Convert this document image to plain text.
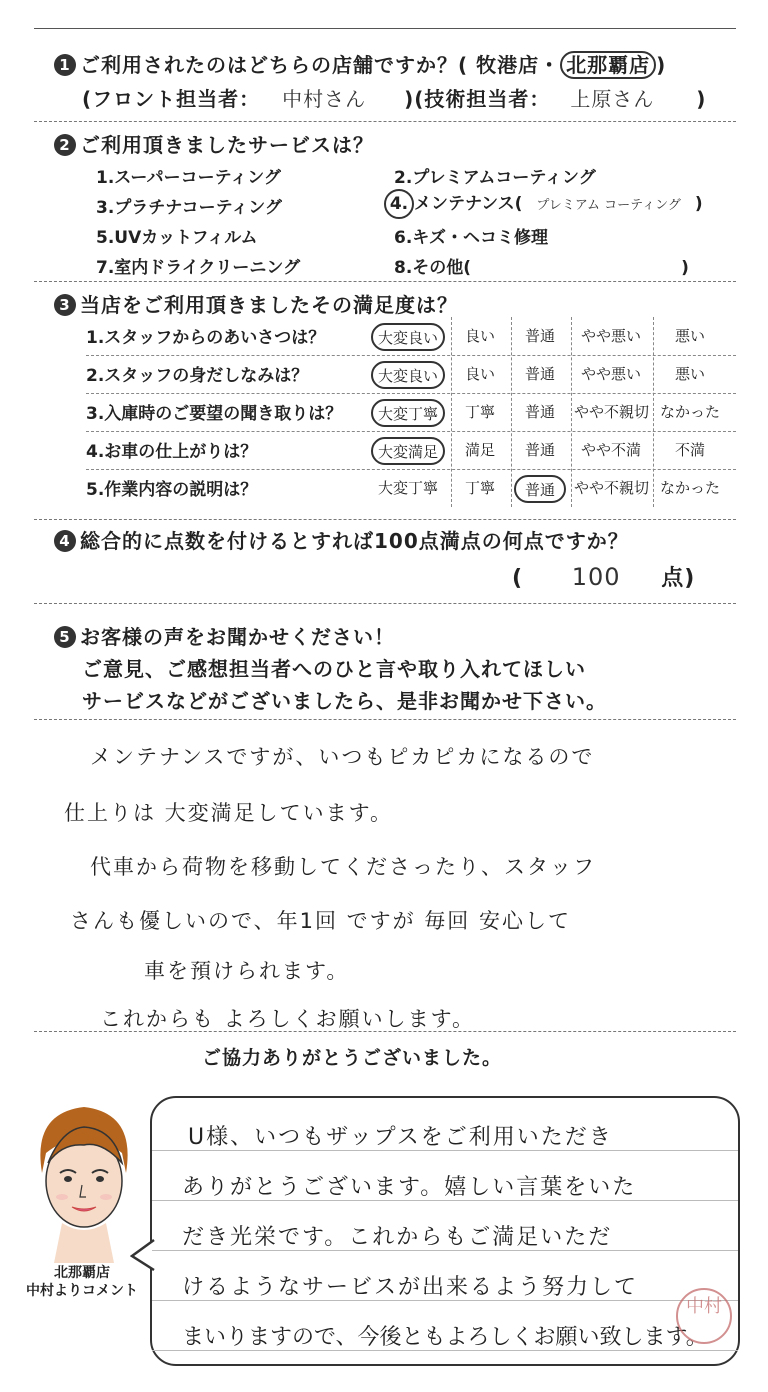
1 ご利用されたのはどちらの店舗ですか？( 牧港店・ 北那覇店 )
(フロント担当者： 中村さん )(技術担当者： 上原さん )
2 ご利用頂きましたサービスは？
1.スーパーコーティング	2.プレミアムコーティング
3.プラチナコーティング	4. メンテナンス( プレミアム コーティング )
5.UVカットフィルム	6.キズ・ヘコミ修理
7.室内ドライクリーニング	8.その他(	)
3 当店をご利用頂きましたその満足度は？
1.スタッフからのあいさつは？	大変良い	良い	普通	やや悪い	悪い
2.スタッフの身だしなみは？	大変良い	良い	普通	やや悪い	悪い
3.入庫時のご要望の聞き取りは？	大変丁寧	丁寧	普通	やや不親切 なかった
4.お車の仕上がりは？	大変満足	満足	普通	やや不満	不満
5.作業内容の説明は？	大変丁寧	丁寧	普通	やや不親切 なかった
4 総合的に点数を付けるとすれば100点満点の何点ですか？
( 100 点)
5 お客様の声をお聞かせください！
ご意見、ご感想担当者へのひと言や取り入れてほしい
サービスなどがございましたら、是非お聞かせ下さい。
メンテナンスですが、いつもピカピカになるので
仕上りは 大変満足しています。
代車から荷物を移動してくださったり、スタッフ
さんも優しいので、年1回 ですが 毎回 安心して
車を預けられます。
これからも よろしくお願いします。
ご協力ありがとうございました。
北那覇店
中村よりコメント
U様、いつもザップスをご利用いただき
ありがとうございます。嬉しい言葉をいた
だき光栄です。これからもご満足いただ
けるようなサービスが出来るよう努力して
まいりますので、今後ともよろしくお願い致します。
中村
